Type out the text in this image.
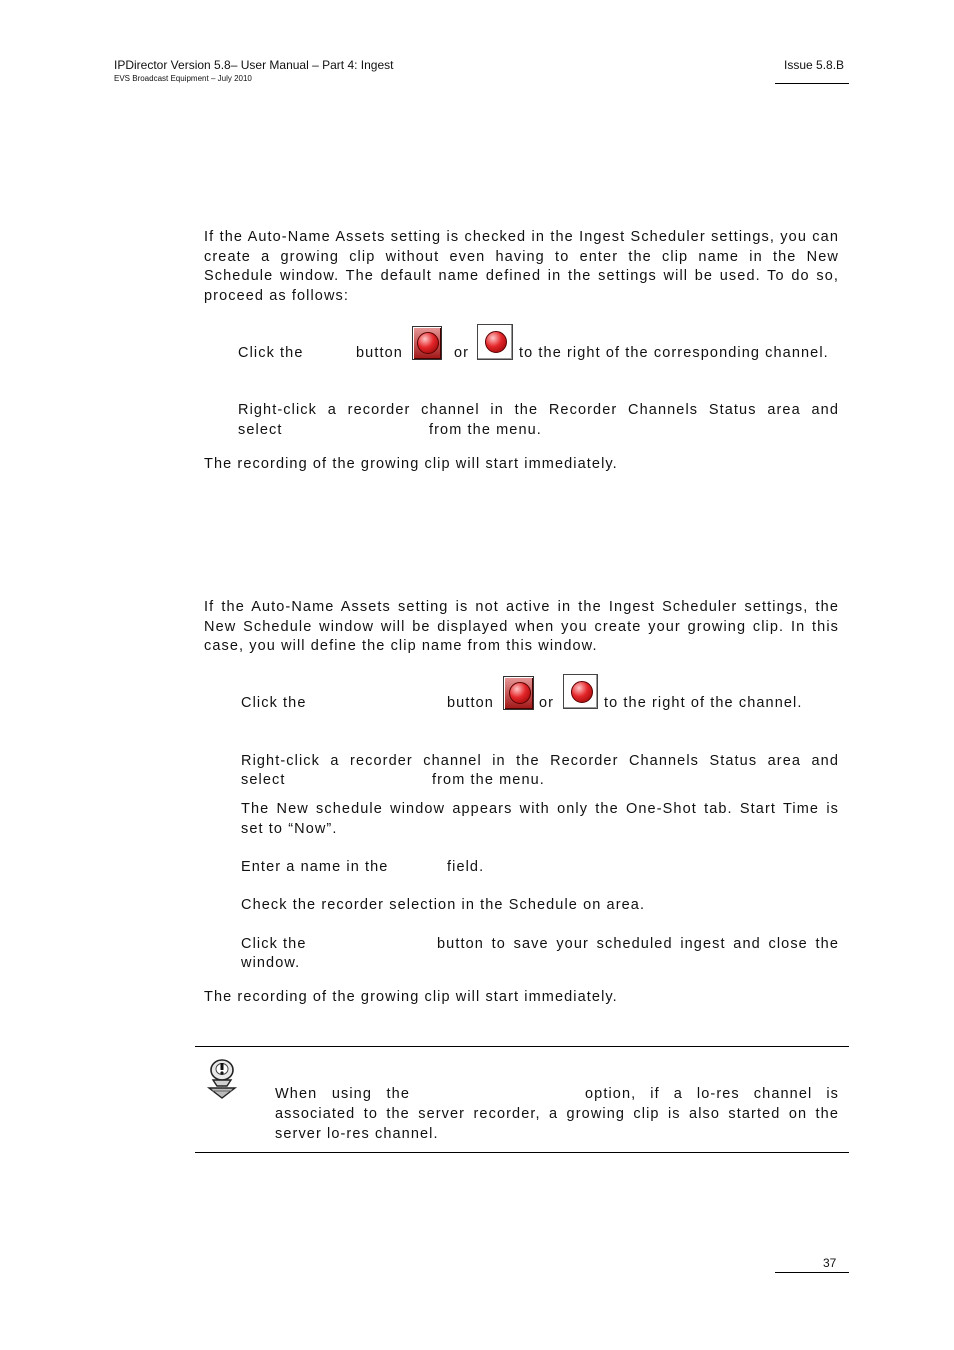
IPDirector Version 5.8– User Manual – Part 4: Ingest
EVS Broadcast Equipment – July 2010
Issue 5.8.B
If the Auto-Name Assets setting is checked in the Ingest Scheduler settings, you can create a growing clip without even having to enter the clip name in the New Schedule window. The default name defined in the settings will be used. To do so, proceed as follows:
Click the	button	or	to the right of the corresponding channel.
Right-click a recorder channel in the Recorder Channels Status area and
select	from the menu.
The recording of the growing clip will start immediately.
If the Auto-Name Assets setting is not active in the Ingest Scheduler settings, the New Schedule window will be displayed when you create your growing clip. In this case, you will define the clip name from this window.
Click the	button	or	to the right of the channel.
Right-click a recorder channel in the Recorder Channels Status area and
select	from the menu.
The New schedule window appears with only the One-Shot tab. Start Time is set to “Now”.
Enter a name in the	field.
Check the recorder selection in the Schedule on area.
Click the	button to save your scheduled ingest and close the
window.
The recording of the growing clip will start immediately.
When using the	option, if a lo-res channel is
associated to the server recorder, a growing clip is also started on the server lo-res channel.
37
